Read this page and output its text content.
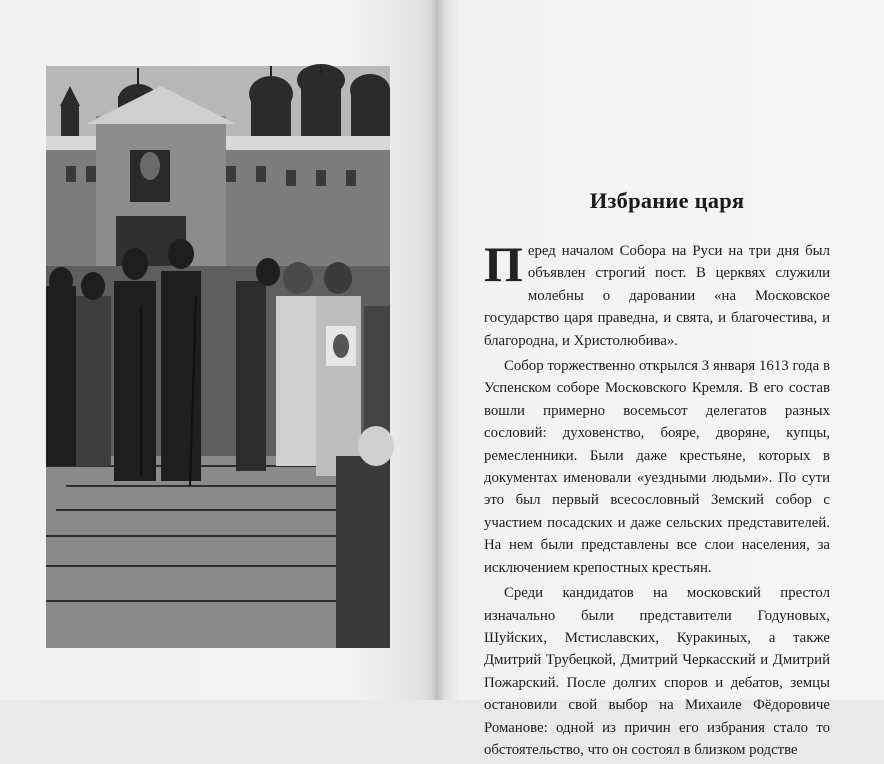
Избрание царя

Перед началом Собора на Руси на три дня был объявлен строгий пост. В церквях служили молебны о даровании «на Московское государство царя праведна, и свята, и благочестива, и благородна, и Христолюбива».

Собор торжественно открылся 3 января 1613 года в Успенском соборе Московского Кремля. В его состав вошли примерно восемьсот делегатов разных сословий: духовенство, бояре, дворяне, купцы, ремесленники. Были даже крестьяне, которых в документах именовали «уездными людьми». По сути это был первый всесословный Земский собор с участием посадских и даже сельских представителей. На нем были представлены все слои населения, за исключением крепостных крестьян.

Среди кандидатов на московский престол изначально были представители Годуновых, Шуйских, Мстиславских, Куракиных, а также Дмитрий Трубецкой, Дмитрий Черкасский и Дмитрий Пожарский. После долгих споров и дебатов, земцы остановили свой выбор на Михаиле Фёдоровиче Романове: одной из причин его избрания стало то обстоятельство, что он состоял в близком родстве
